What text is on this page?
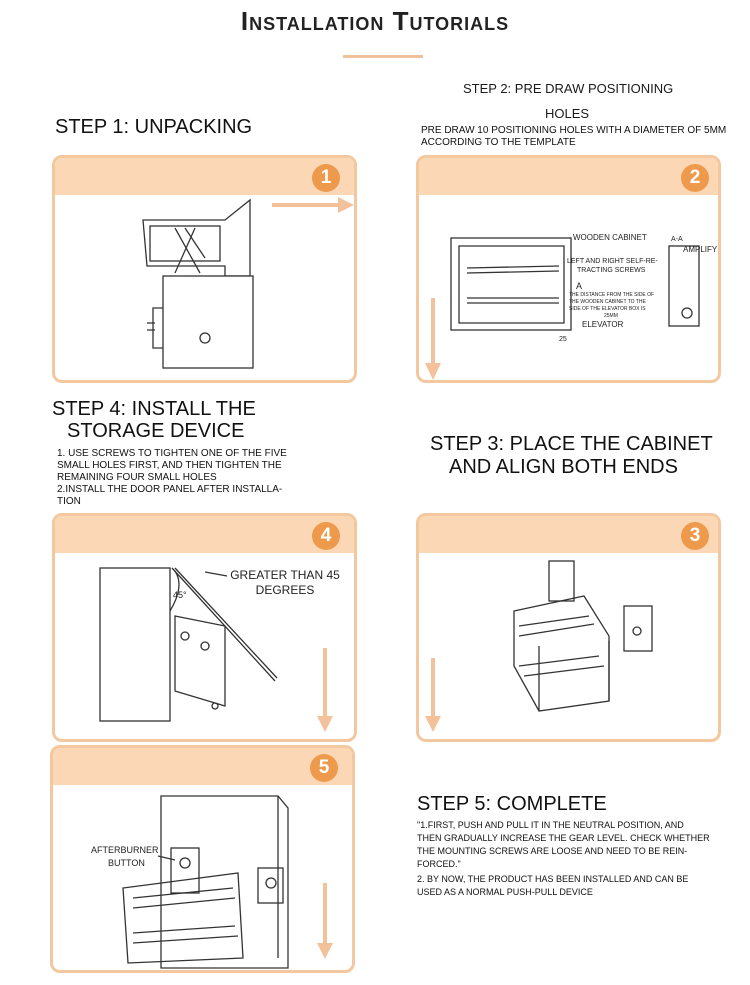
Installation Tutorials
STEP 1: UNPACKING
1
STEP 2: PRE DRAW POSITIONING
HOLES
PRE DRAW 10 POSITIONING HOLES WITH A DIAMETER OF 5MM
ACCORDING TO THE TEMPLATE
2
WOODEN CABINET	A-A
AMPLIFY
LEFT AND RIGHT SELF-RE-
TRACTING SCREWS
A
THE DISTANCE FROM THE SIDE OF
THE WOODEN CABINET TO THE
SIDE OF THE ELEVATOR BOX IS
25MM
ELEVATOR
25
STEP 4: INSTALL THE
STORAGE DEVICE
1. USE SCREWS TO TIGHTEN ONE OF THE FIVE
SMALL HOLES FIRST, AND THEN TIGHTEN THE
REMAINING FOUR SMALL HOLES
2.INSTALL THE DOOR PANEL AFTER INSTALLA-
TION
STEP 3: PLACE THE CABINET
AND ALIGN BOTH ENDS
4
45°
GREATER THAN 45
DEGREES
3
5
AFTERBURNER
BUTTON
STEP 5: COMPLETE
"1.FIRST, PUSH AND PULL IT IN THE NEUTRAL POSITION, AND
THEN GRADUALLY INCREASE THE GEAR LEVEL. CHECK WHETHER
THE MOUNTING SCREWS ARE LOOSE AND NEED TO BE REIN-
FORCED."
2. BY NOW, THE PRODUCT HAS BEEN INSTALLED AND CAN BE
USED AS A NORMAL PUSH-PULL DEVICE
